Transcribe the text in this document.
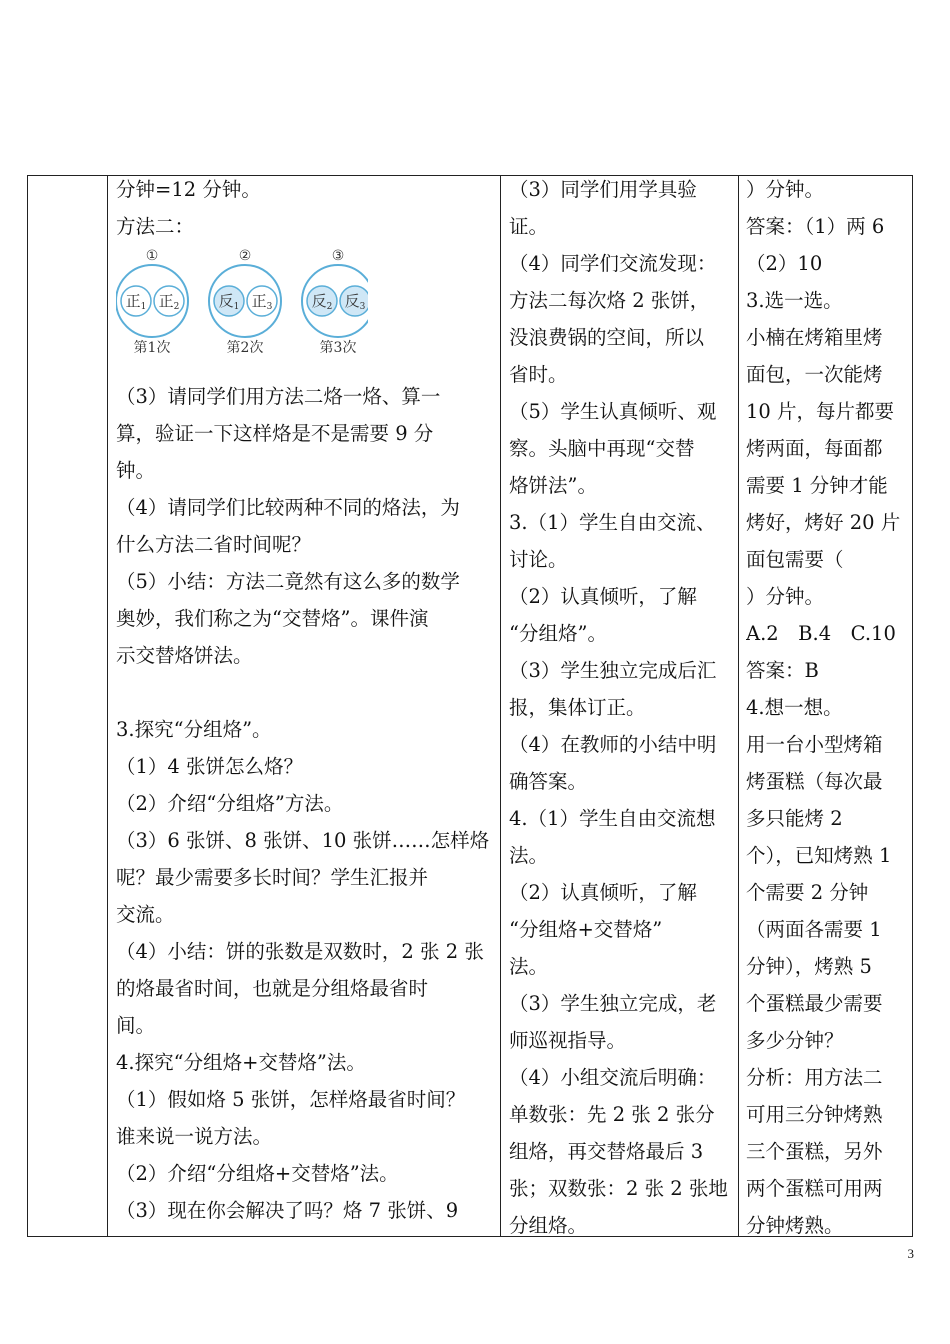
①
正$_1$ 正$_2$
第1次
②
反$_1$ 正$_3$
第2次
③
反$_2$ 反$_3$
第3次
分钟=12 分钟。
方法二：
（3）请同学们用方法二烙一烙、算一
算，验证一下这样烙是不是需要 9 分
钟。
（4）请同学们比较两种不同的烙法，为
什么方法二省时间呢？
（5）小结：方法二竟然有这么多的数学
奥妙，我们称之为“交替烙”。课件演
示交替烙饼法。
3.探究“分组烙”。
（1）4 张饼怎么烙？
（2）介绍“分组烙”方法。
（3）6 张饼、8 张饼、10 张饼……怎样烙
呢？最少需要多长时间？学生汇报并
交流。
（4）小结：饼的张数是双数时，2 张 2 张
的烙最省时间，也就是分组烙最省时
间。
4.探究“分组烙+交替烙”法。
（1）假如烙 5 张饼，怎样烙最省时间？
谁来说一说方法。
（2）介绍“分组烙+交替烙”法。
（3）现在你会解决了吗？烙 7 张饼、9
（3）同学们用学具验
证。
（4）同学们交流发现：
方法二每次烙 2 张饼，
没浪费锅的空间，所以
省时。
（5）学生认真倾听、观
察。头脑中再现“交替
烙饼法”。
3.（1）学生自由交流、
讨论。
（2）认真倾听，了解
“分组烙”。
（3）学生独立完成后汇
报，集体订正。
（4）在教师的小结中明
确答案。
4.（1）学生自由交流想
法。
（2）认真倾听，了解
“分组烙+交替烙”
法。
（3）学生独立完成，老
师巡视指导。
（4）小组交流后明确：
单数张：先 2 张 2 张分
组烙，再交替烙最后 3
张；双数张：2 张 2 张地
分组烙。
）分钟。
答案：（1）两 6
（2）10
3.选一选。
小楠在烤箱里烤
面包，一次能烤
10 片，每片都要
烤两面，每面都
需要 1 分钟才能
烤好，烤好 20 片
面包需要（
）分钟。
A.2　B.4　C.10
答案：B
4.想一想。
用一台小型烤箱
烤蛋糕（每次最
多只能烤 2
个），已知烤熟 1
个需要 2 分钟
（两面各需要 1
分钟），烤熟 5
个蛋糕最少需要
多少分钟？
分析：用方法二
可用三分钟烤熟
三个蛋糕，另外
两个蛋糕可用两
分钟烤熟。
3
